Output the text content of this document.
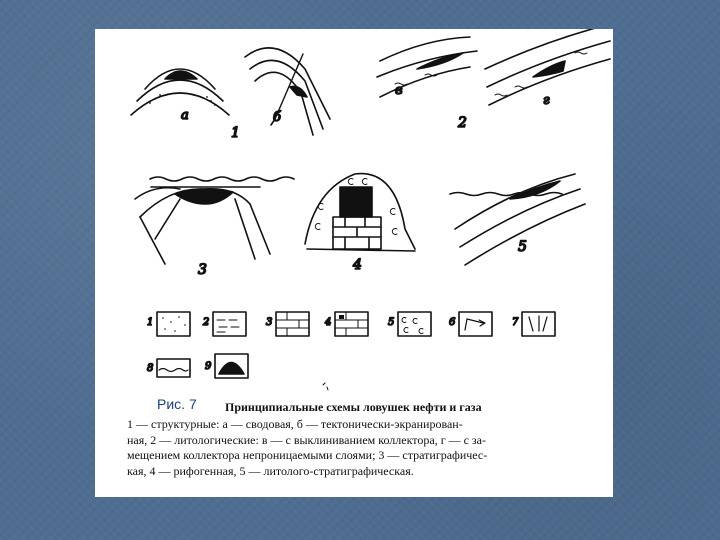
а
1
б
в
г
2
3	4
5
1	2	3	4	5	6	7
8	9
Рис. 7 Принципиальные схемы ловушек нефти и газа

1 — структурные: а — сводовая, б — тектонически-экранирован-

ная, 2 — литологические: в — с выклиниванием коллектора, г — с за-

мещением коллектора непроницаемыми слоями; 3 — стратиграфичес-

кая, 4 — рифогенная, 5 — литолого-стратиграфическая.
